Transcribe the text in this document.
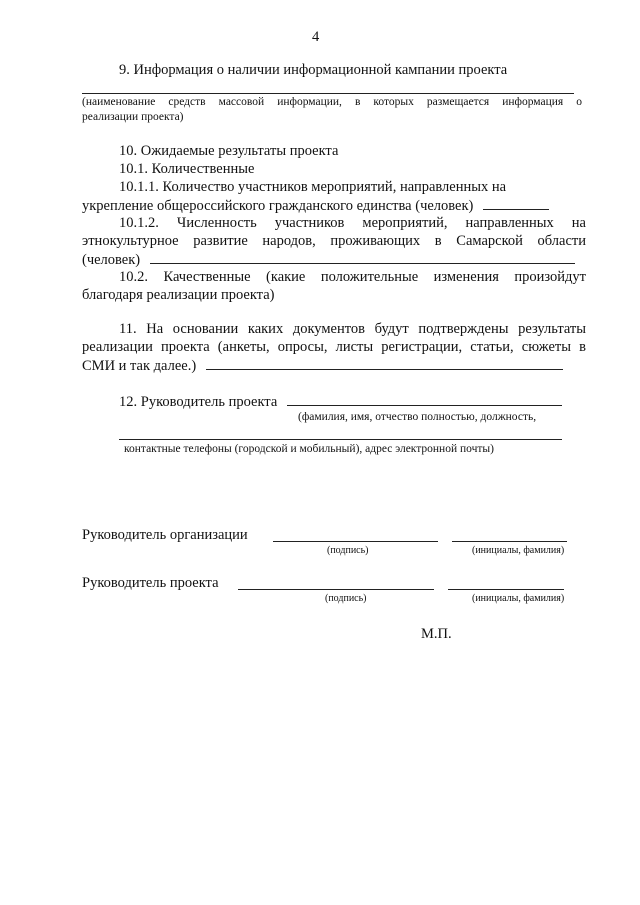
4
9. Информация о наличии информационной кампании проекта
(наименование средств массовой информации, в которых размещается информация о
реализации проекта)
10. Ожидаемые результаты проекта
10.1. Количественные
10.1.1. Количество участников мероприятий, направленных на
укрепление общероссийского гражданского единства (человек)
10.1.2. Численность участников мероприятий, направленных на
этнокультурное развитие народов, проживающих в Самарской области
(человек)
10.2. Качественные (какие положительные изменения произойдут
благодаря реализации проекта)
11. На основании каких документов будут подтверждены результаты
реализации проекта (анкеты, опросы, листы регистрации, статьи, сюжеты в
СМИ и так далее.)
12. Руководитель проекта
(фамилия, имя, отчество полностью, должность,
контактные телефоны (городской и мобильный), адрес электронной почты)
Руководитель организации
(подпись)	(инициалы, фамилия)
Руководитель проекта
(подпись)	(инициалы, фамилия)
М.П.
